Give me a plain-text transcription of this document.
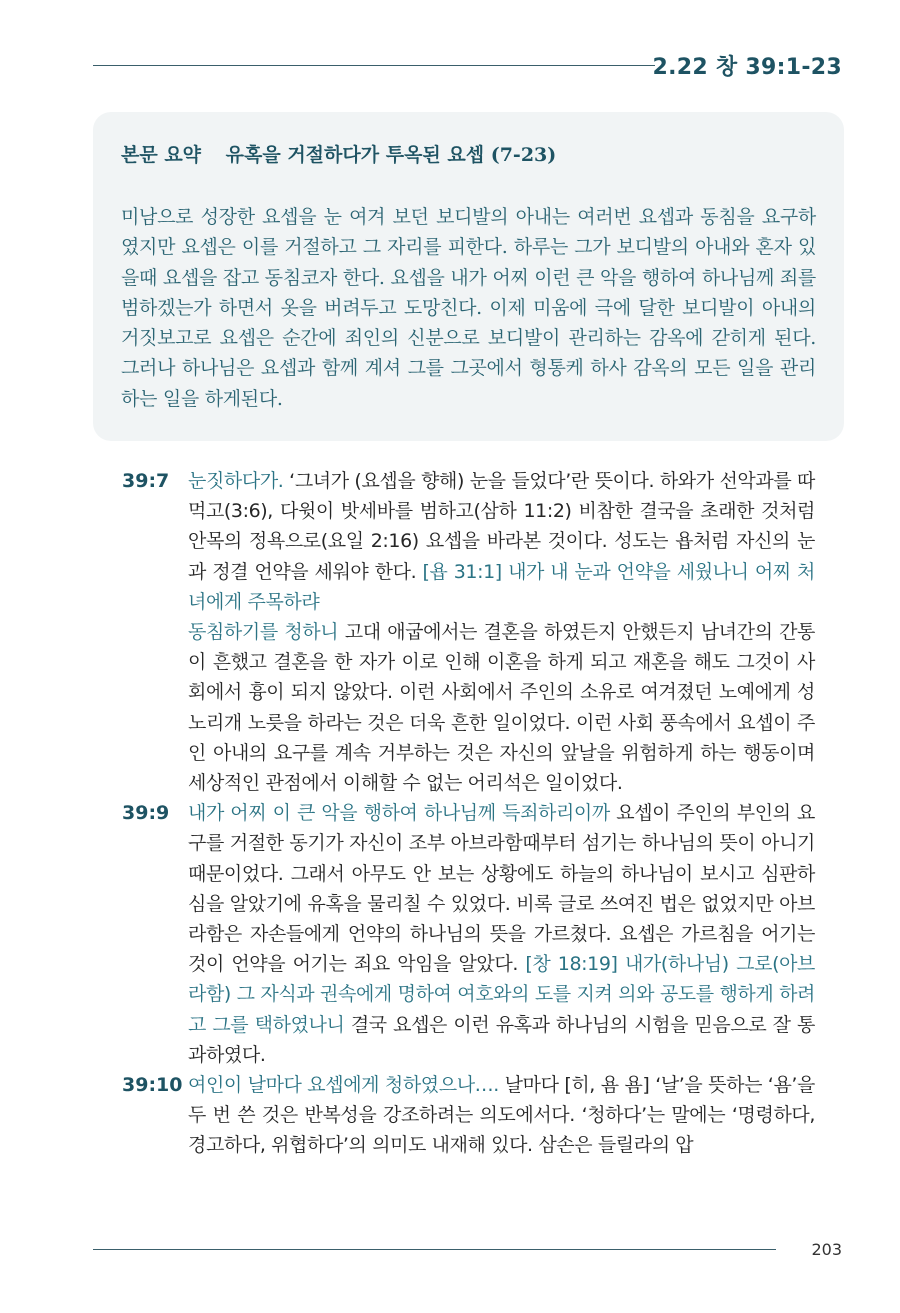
2.22 창 39:1-23
본문 요약 유혹을 거절하다가 투옥된 요셉 (7-23)
미남으로 성장한 요셉을 눈 여겨 보던 보디발의 아내는 여러번 요셉과 동침을 요구하였지만 요셉은 이를 거절하고 그 자리를 피한다. 하루는 그가 보디발의 아내와 혼자 있을때 요셉을 잡고 동침코자 한다. 요셉을 내가 어찌 이런 큰 악을 행하여 하나님께 죄를 범하겠는가 하면서 옷을 버려두고 도망친다. 이제 미움에 극에 달한 보디발이 아내의 거짓보고로 요셉은 순간에 죄인의 신분으로 보디발이 관리하는 감옥에 갇히게 된다. 그러나 하나님은 요셉과 함께 계셔 그를 그곳에서 형통케 하사 감옥의 모든 일을 관리하는 일을 하게된다.
39:7 눈짓하다가. ‘그녀가 (요셉을 향해) 눈을 들었다’란 뜻이다. 하와가 선악과를 따먹고(3:6), 다윗이 밧세바를 범하고(삼하 11:2) 비참한 결국을 초래한 것처럼 안목의 정욕으로(요일 2:16) 요셉을 바라본 것이다. 성도는 욥처럼 자신의 눈과 정결 언약을 세워야 한다. [욥 31:1] 내가 내 눈과 언약을 세웠나니 어찌 처녀에게 주목하랴
동침하기를 청하니 고대 애굽에서는 결혼을 하였든지 안했든지 남녀간의 간통이 흔했고 결혼을 한 자가 이로 인해 이혼을 하게 되고 재혼을 해도 그것이 사회에서 흉이 되지 않았다. 이런 사회에서 주인의 소유로 여겨졌던 노예에게 성노리개 노릇을 하라는 것은 더욱 흔한 일이었다. 이런 사회 풍속에서 요셉이 주인 아내의 요구를 계속 거부하는 것은 자신의 앞날을 위험하게 하는 행동이며 세상적인 관점에서 이해할 수 없는 어리석은 일이었다.
39:9 내가 어찌 이 큰 악을 행하여 하나님께 득죄하리이까 요셉이 주인의 부인의 요구를 거절한 동기가 자신이 조부 아브라함때부터 섬기는 하나님의 뜻이 아니기 때문이었다. 그래서 아무도 안 보는 상황에도 하늘의 하나님이 보시고 심판하심을 알았기에 유혹을 물리칠 수 있었다. 비록 글로 쓰여진 법은 없었지만 아브라함은 자손들에게 언약의 하나님의 뜻을 가르쳤다. 요셉은 가르침을 어기는 것이 언약을 어기는 죄요 악임을 알았다. [창 18:19] 내가(하나님) 그로(아브라함) 그 자식과 권속에게 명하여 여호와의 도를 지켜 의와 공도를 행하게 하려고 그를 택하였나니 결국 요셉은 이런 유혹과 하나님의 시험을 믿음으로 잘 통과하였다.
39:10 여인이 날마다 요셉에게 청하였으나…. 날마다 [히, 욤 욤] ‘날’을 뜻하는 ‘욤’을 두 번 쓴 것은 반복성을 강조하려는 의도에서다. ‘청하다’는 말에는 ‘명령하다, 경고하다, 위협하다’의 의미도 내재해 있다. 삼손은 들릴라의 압
203
